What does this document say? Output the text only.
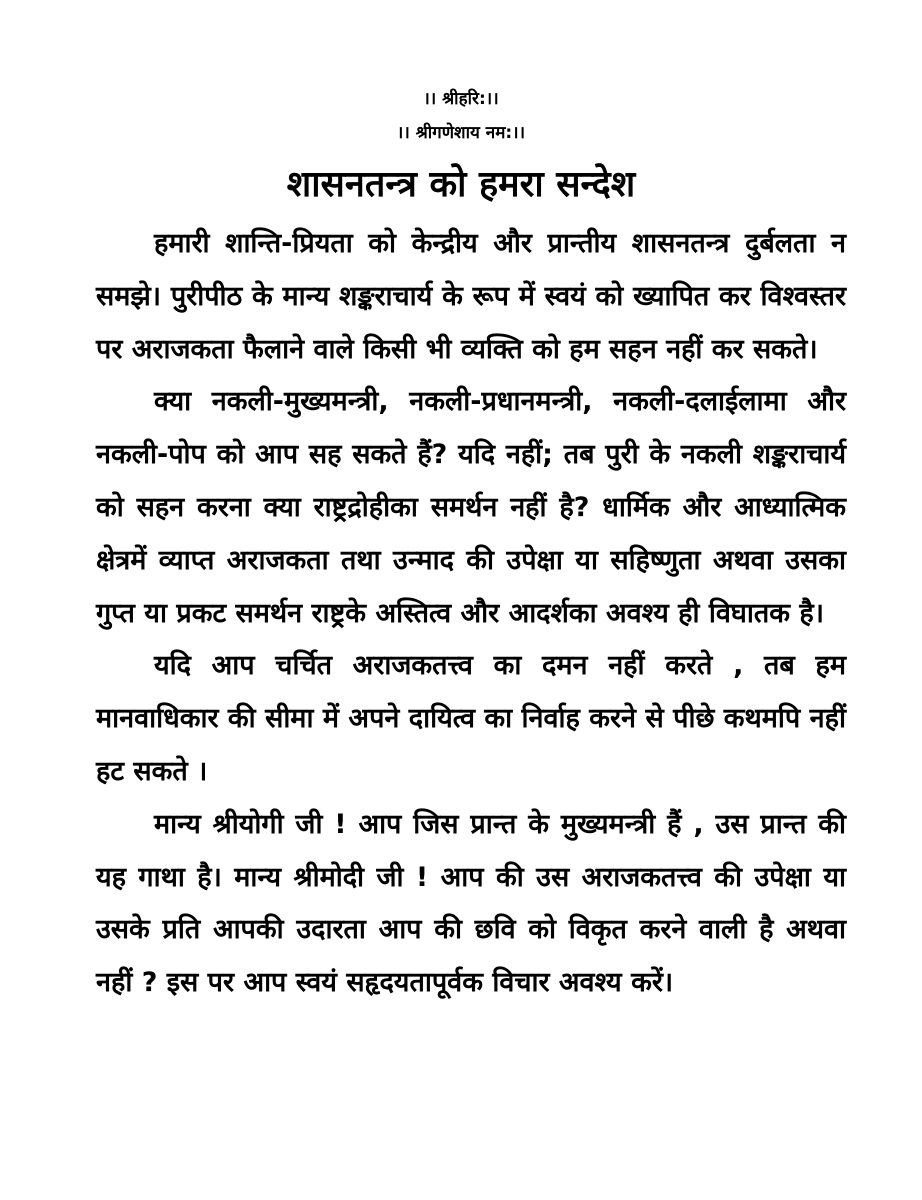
।। श्रीहरि:।।
।। श्रीगणेशाय नम:।।
शासनतन्त्र को हमरा सन्देश

हमारी शान्ति-प्रियता को केन्द्रीय और प्रान्तीय शासनतन्त्र दुर्बलता न समझे। पुरीपीठ के मान्य शङ्कराचार्य के रूप में स्वयं को ख्यापित कर विश्वस्तर पर अराजकता फैलाने वाले किसी भी व्यक्ति को हम सहन नहीं कर सकते।

क्या नकली-मुख्यमन्त्री, नकली-प्रधानमन्त्री, नकली-दलाईलामा और नकली-पोप को आप सह सकते हैं? यदि नहीं; तब पुरी के नकली शङ्कराचार्य को सहन करना क्या राष्ट्रद्रोहीका समर्थन नहीं है? धार्मिक और आध्यात्मिक क्षेत्रमें व्याप्त अराजकता तथा उन्माद की उपेक्षा या सहिष्णुता अथवा उसका गुप्त या प्रकट समर्थन राष्ट्रके अस्तित्व और आदर्शका अवश्य ही विघातक है।

यदि आप चर्चित अराजकतत्त्व का दमन नहीं करते , तब हम मानवाधिकार की सीमा में अपने दायित्व का निर्वाह करने से पीछे कथमपि नहीं हट सकते ।

मान्य श्रीयोगी जी ! आप जिस प्रान्त के मुख्यमन्त्री हैं , उस प्रान्त की यह गाथा है। मान्य श्रीमोदी जी ! आप की उस अराजकतत्त्व की उपेक्षा या उसके प्रति आपकी उदारता आप की छवि को विकृत करने वाली है अथवा नहीं ? इस पर आप स्वयं सहृदयतापूर्वक विचार अवश्य करें।
